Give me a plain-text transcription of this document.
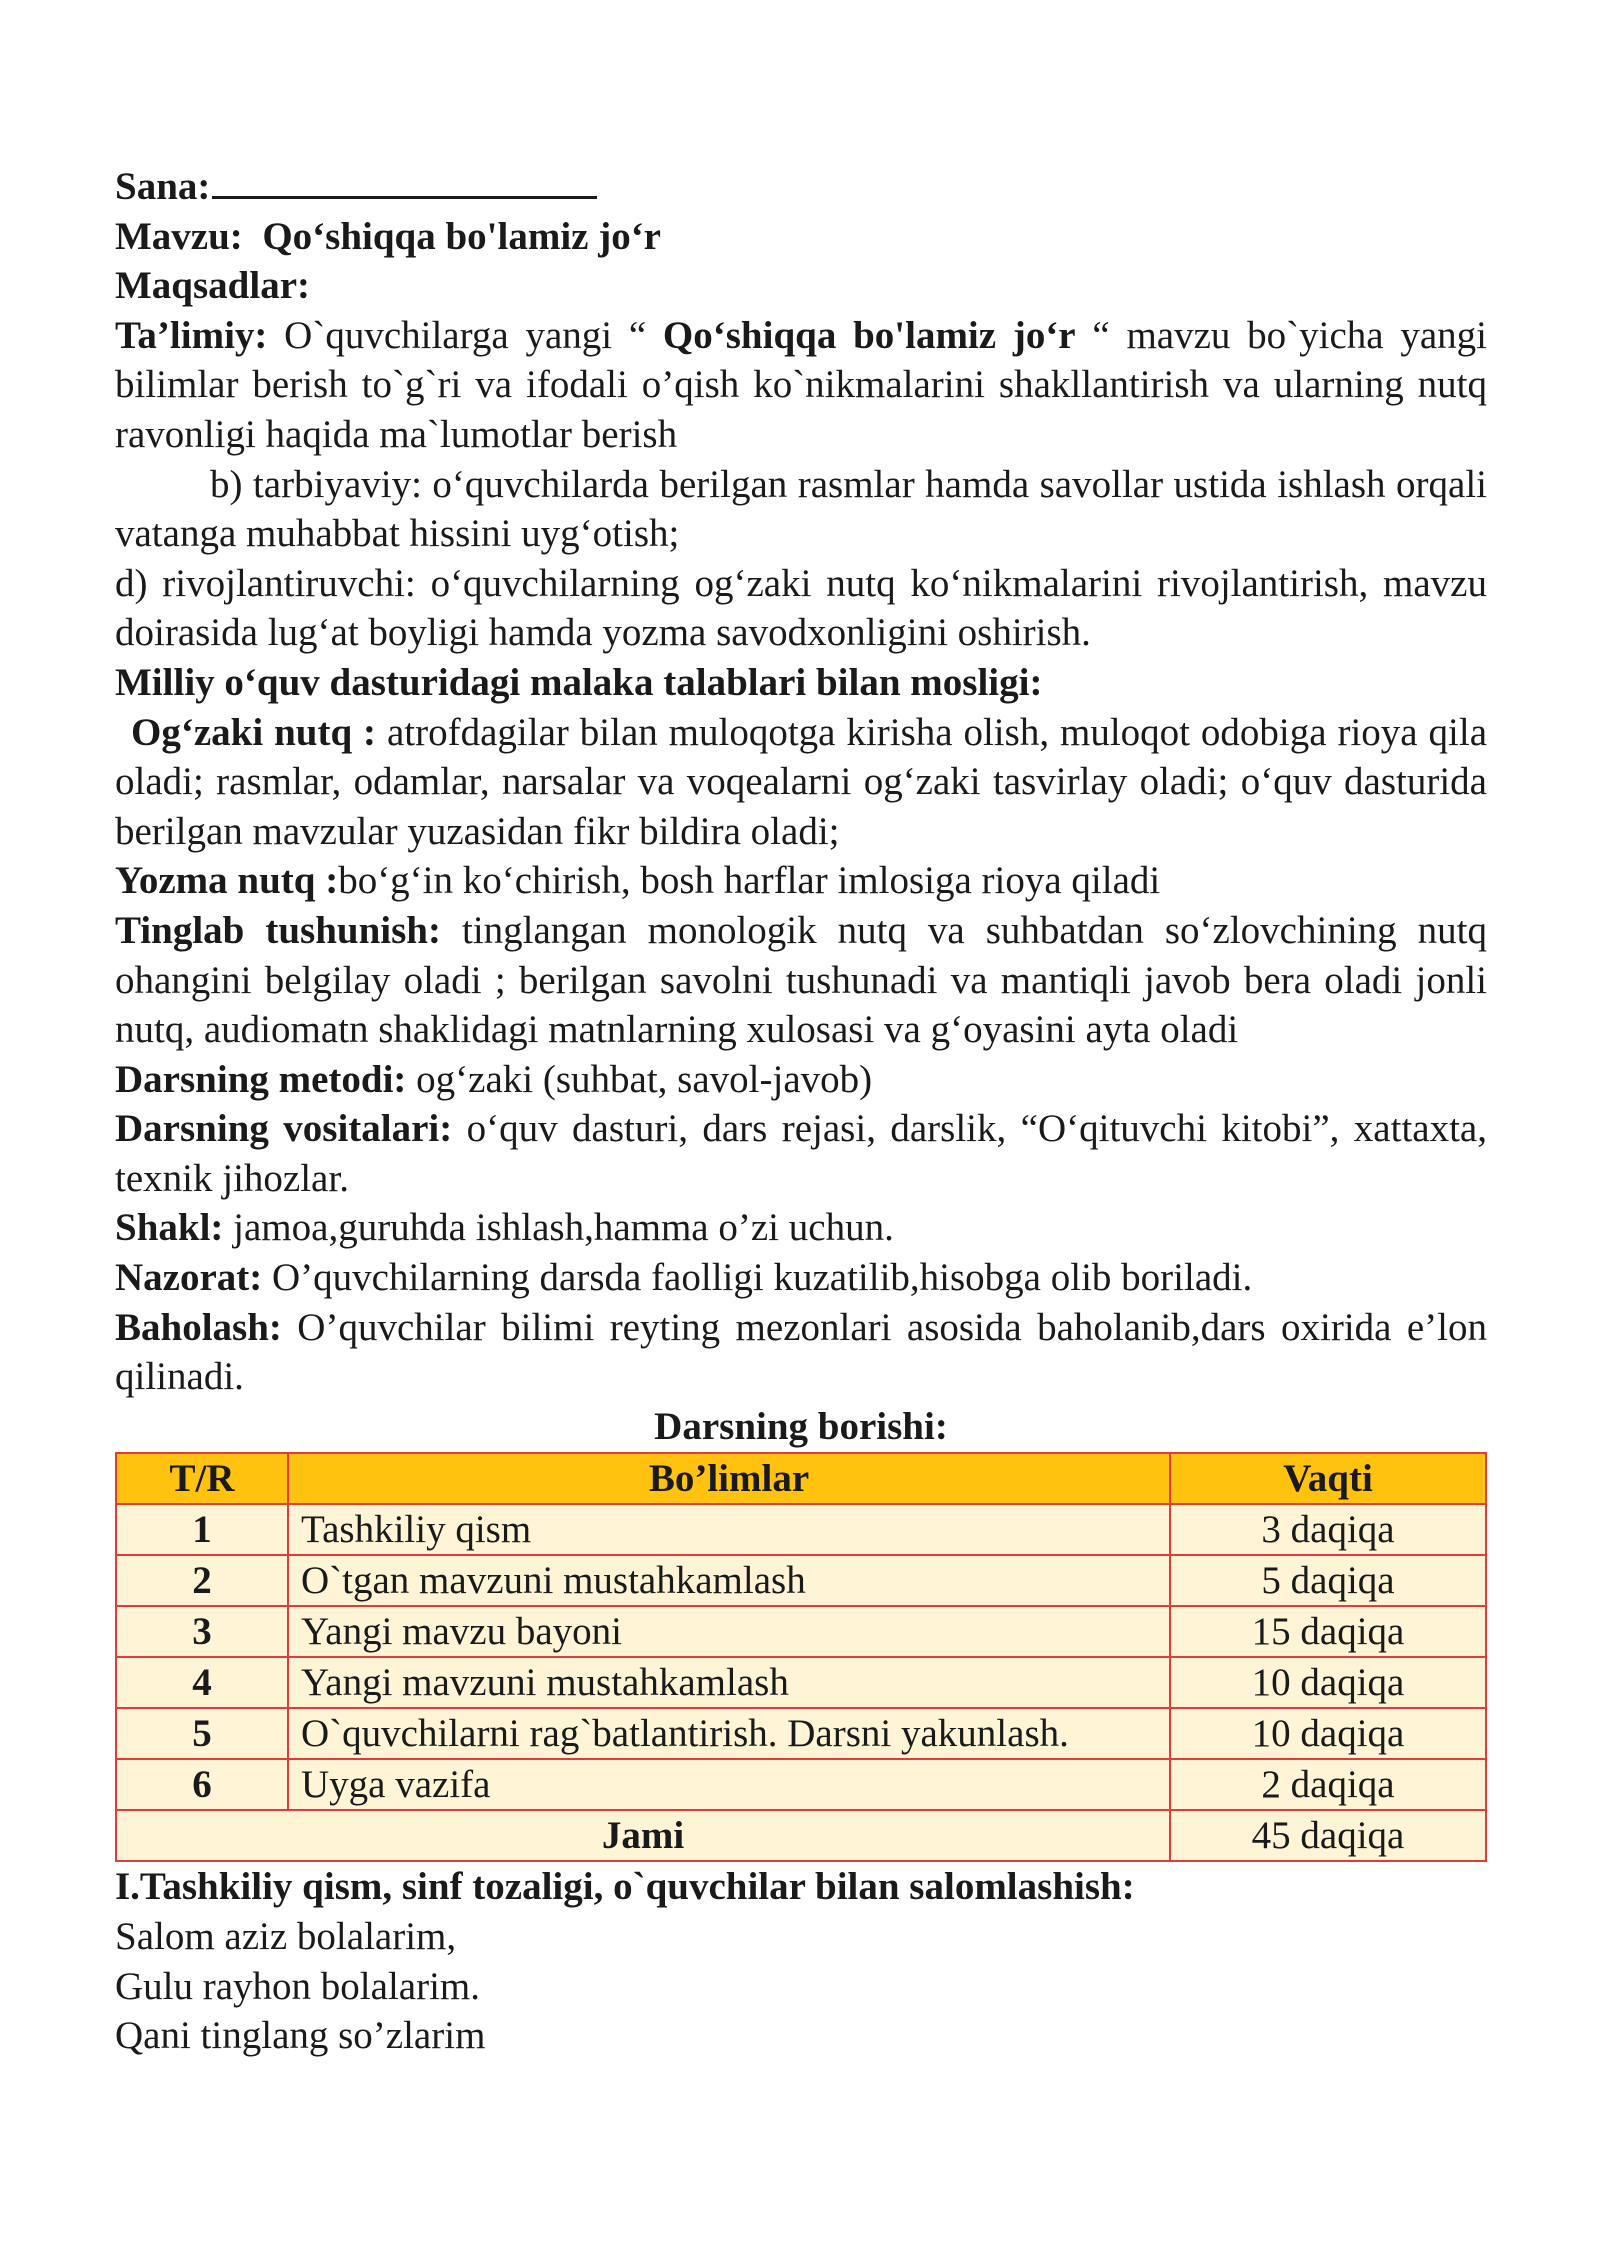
Sana:

Mavzu: Qo‘shiqqa bo'lamiz jo‘r

Maqsadlar:

Ta’limiy: O`quvchilarga yangi “ Qo‘shiqqa bo'lamiz jo‘r “ mavzu bo`yicha yangi bilimlar berish to`g`ri va ifodali o’qish ko`nikmalarini shakllantirish va ularning nutq ravonligi haqida ma`lumotlar berish

b) tarbiyaviy: o‘quvchilarda berilgan rasmlar hamda savollar ustida ishlash orqali vatanga muhabbat hissini uyg‘otish;

d) rivojlantiruvchi: o‘quvchilarning og‘zaki nutq ko‘nikmalarini rivojlantirish, mavzu doirasida lug‘at boyligi hamda yozma savodxonligini oshirish.

Milliy o‘quv dasturidagi malaka talablari bilan mosligi:

Og‘zaki nutq : atrofdagilar bilan muloqotga kirisha olish, muloqot odobiga rioya qila oladi; rasmlar, odamlar, narsalar va voqealarni og‘zaki tasvirlay oladi; o‘quv dasturida berilgan mavzular yuzasidan fikr bildira oladi;

Yozma nutq :bo‘g‘in ko‘chirish, bosh harflar imlosiga rioya qiladi

Tinglab tushunish: tinglangan monologik nutq va suhbatdan so‘zlovchining nutq ohangini belgilay oladi ; berilgan savolni tushunadi va mantiqli javob bera oladi jonli nutq, audiomatn shaklidagi matnlarning xulosasi va g‘oyasini ayta oladi

Darsning metodi: og‘zaki (suhbat, savol-javob)

Darsning vositalari: o‘quv dasturi, dars rejasi, darslik, “O‘qituvchi kitobi”, xattaxta, texnik jihozlar.

Shakl: jamoa,guruhda ishlash,hamma o’zi uchun.

Nazorat: O’quvchilarning darsda faolligi kuzatilib,hisobga olib boriladi.

Baholash: O’quvchilar bilimi reyting mezonlari asosida baholanib,dars oxirida e’lon qilinadi.

Darsning borishi:

T/R	Bo’limlar	Vaqti
1	Tashkiliy qism	3 daqiqa
2	O`tgan mavzuni mustahkamlash	5 daqiqa
3	Yangi mavzu bayoni	15 daqiqa
4	Yangi mavzuni mustahkamlash	10 daqiqa
5	O`quvchilarni rag`batlantirish. Darsni yakunlash.	10 daqiqa
6	Uyga vazifa	2 daqiqa
Jami		45 daqiqa

I.Tashkiliy qism, sinf tozaligi, o`quvchilar bilan salomlashish:

Salom aziz bolalarim,

Gulu rayhon bolalarim.

Qani tinglang so’zlarim
